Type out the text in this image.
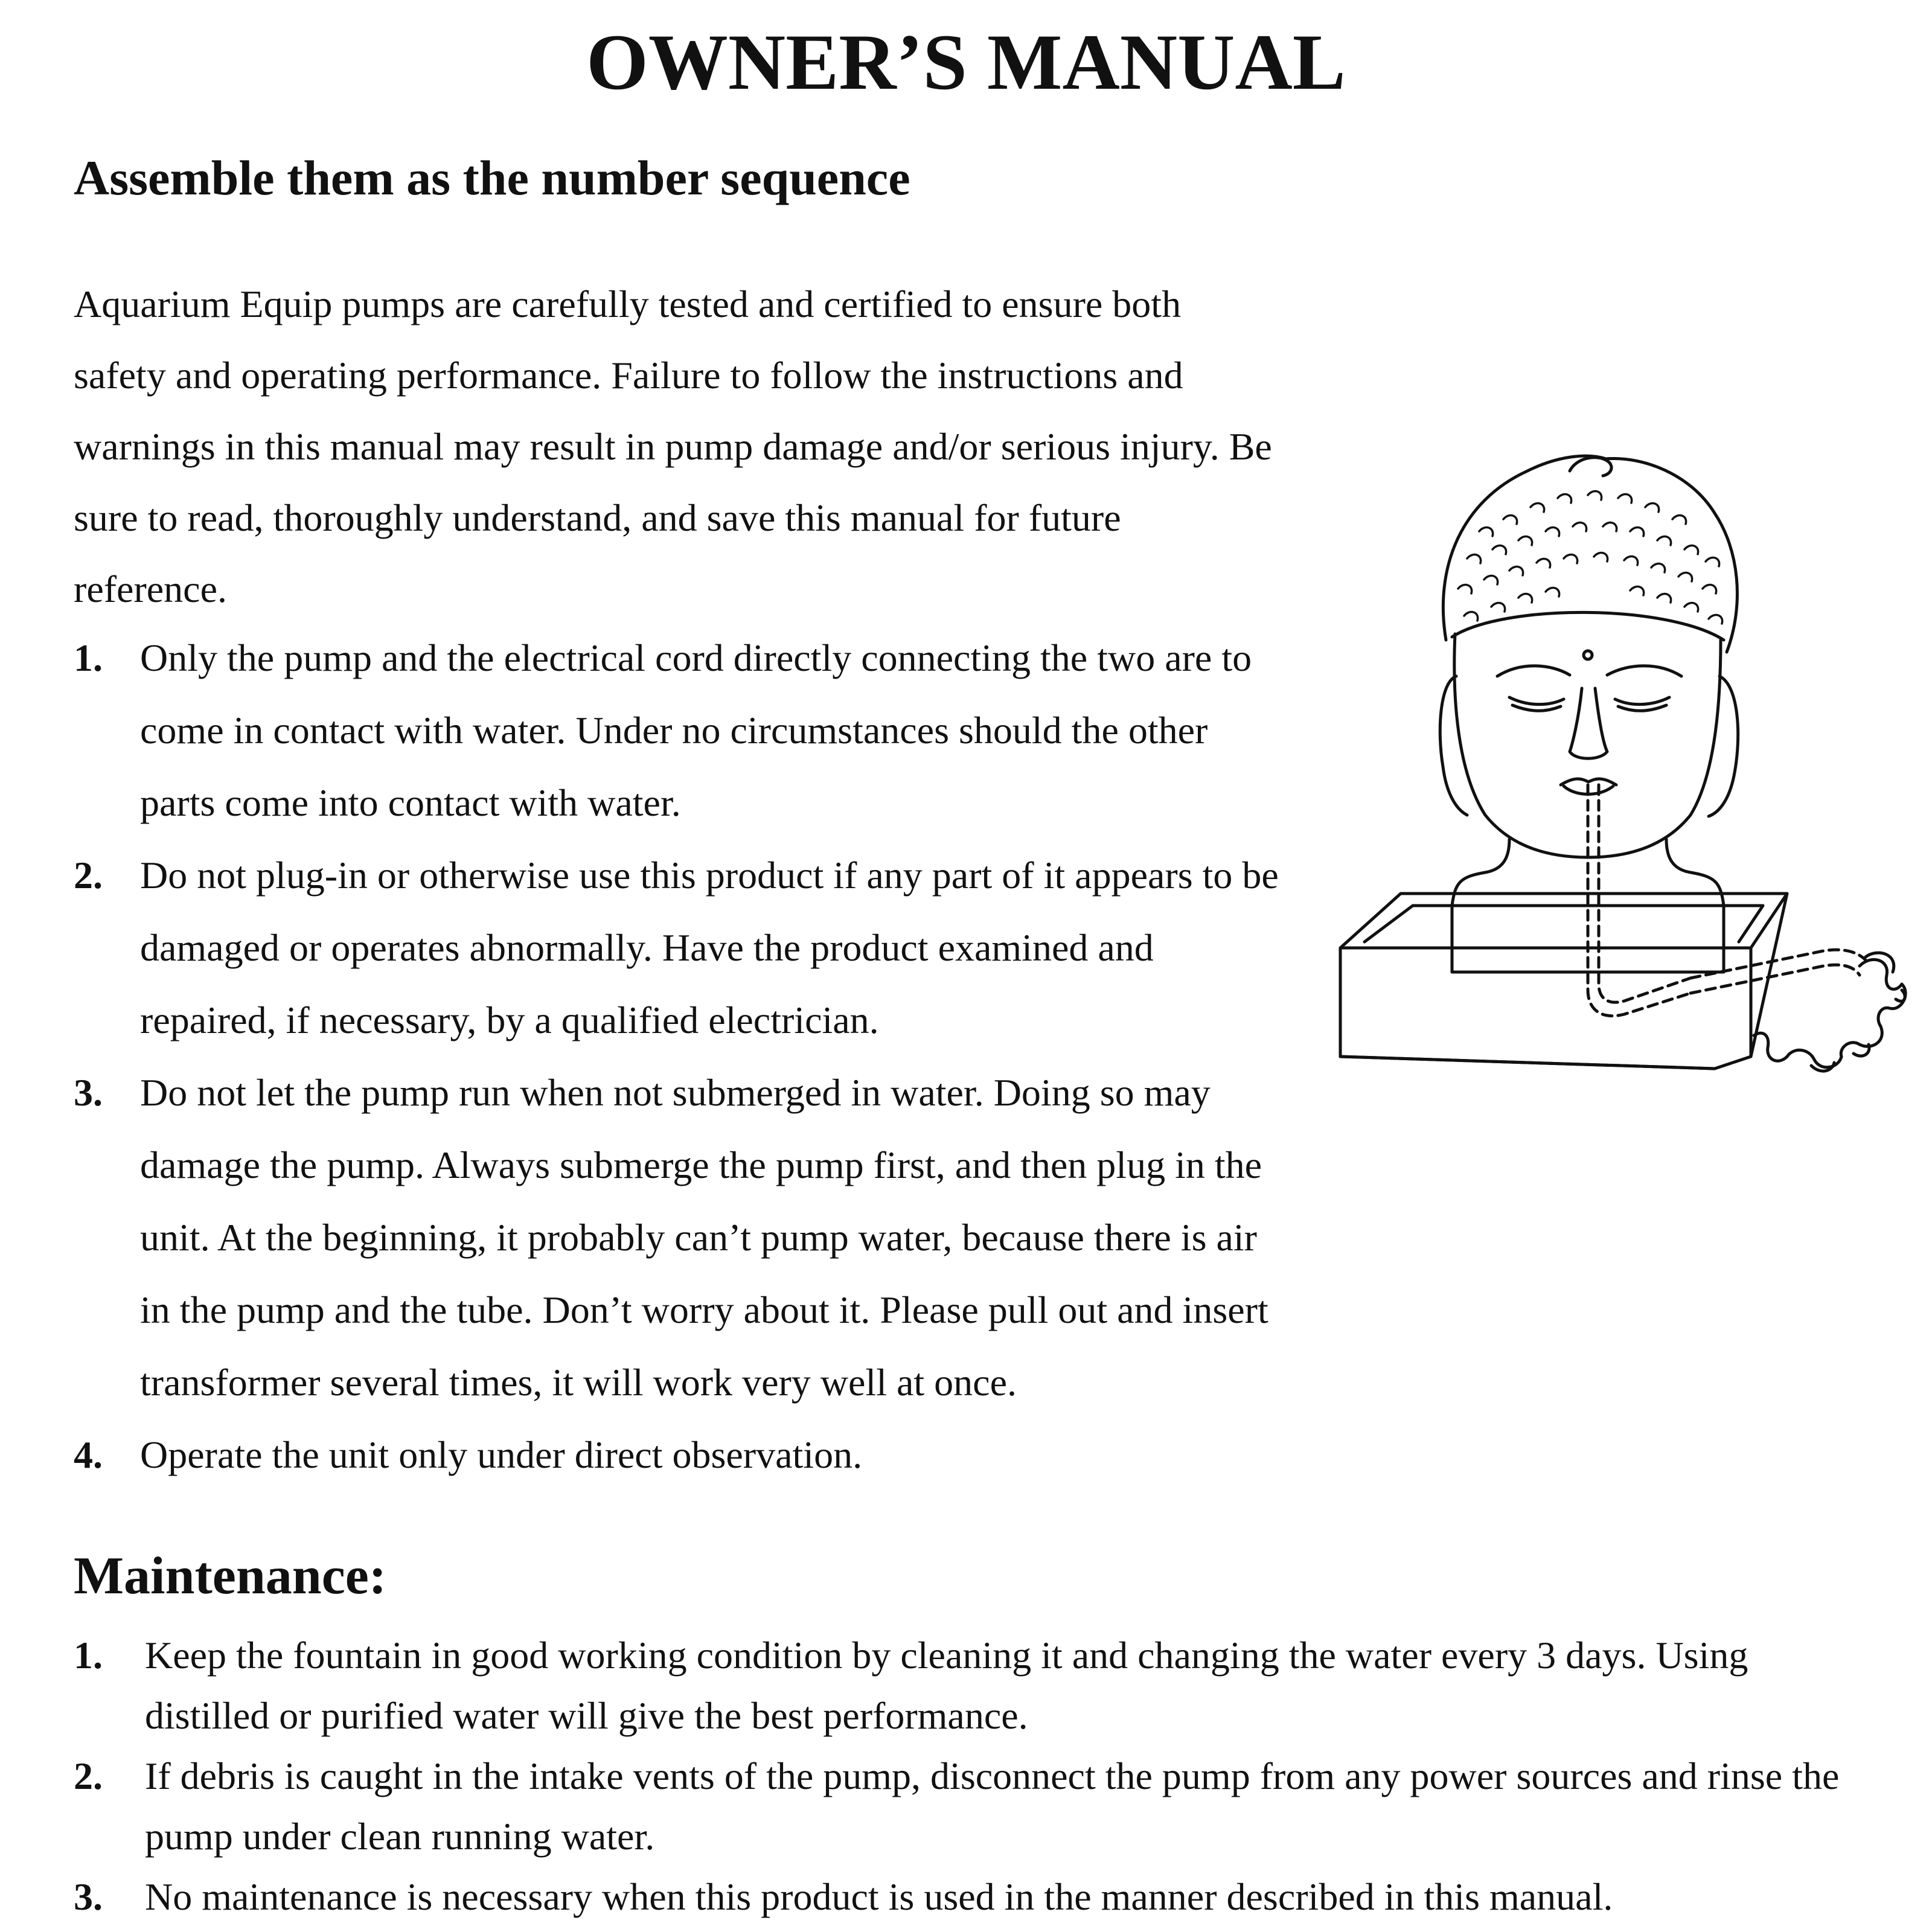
OWNER’S MANUAL
Assemble them as the number sequence

Aquarium Equip pumps are carefully tested and certified to ensure both safety and operating performance. Failure to follow the instructions and warnings in this manual may result in pump damage and/or serious injury. Be sure to read, thoroughly understand, and save this manual for future reference.

1. Only the pump and the electrical cord directly connecting the two are to come in contact with water. Under no circumstances should the other parts come into contact with water.
2. Do not plug-in or otherwise use this product if any part of it appears to be damaged or operates abnormally. Have the product examined and repaired, if necessary, by a qualified electrician.
3. Do not let the pump run when not submerged in water. Doing so may damage the pump. Always submerge the pump first, and then plug in the unit. At the beginning, it probably can’t pump water, because there is air in the pump and the tube. Don’t worry about it. Please pull out and insert transformer several times, it will work very well at once.
4. Operate the unit only under direct observation.
Maintenance:
1. Keep the fountain in good working condition by cleaning it and changing the water every 3 days. Using distilled or purified water will give the best performance.
2. If debris is caught in the intake vents of the pump, disconnect the pump from any power sources and rinse the pump under clean running water.
3. No maintenance is necessary when this product is used in the manner described in this manual.
